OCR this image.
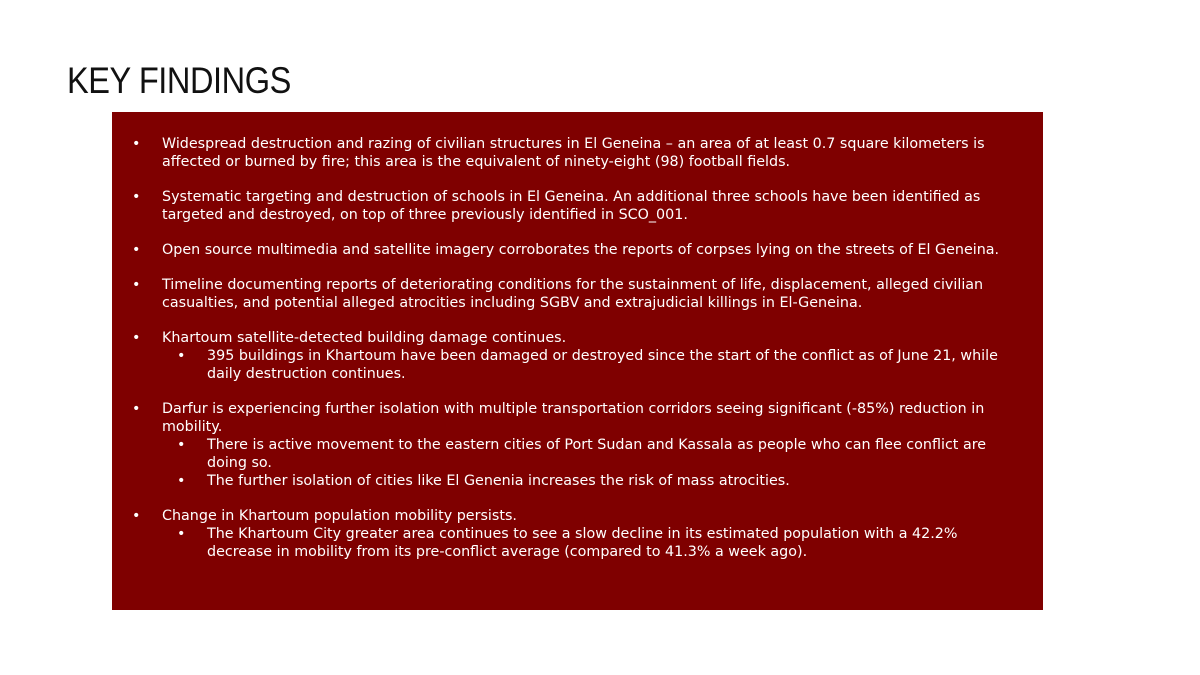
KEY FINDINGS
•	Widespread destruction and razing of civilian structures in El Geneina – an area of at least 0.7 square kilometers is affected or burned by fire; this area is the equivalent of ninety-eight (98) football fields.
•	Systematic targeting and destruction of schools in El Geneina. An additional three schools have been identified as targeted and destroyed, on top of three previously identified in SCO_001.
•	Open source multimedia and satellite imagery corroborates the reports of corpses lying on the streets of El Geneina.
•	Timeline documenting reports of deteriorating conditions for the sustainment of life, displacement, alleged civilian casualties, and potential alleged atrocities including SGBV and extrajudicial killings in El-Geneina.
•	Khartoum satellite-detected building damage continues.
• 395 buildings in Khartoum have been damaged or destroyed since the start of the conflict as of June 21, while daily destruction continues.
•	Darfur is experiencing further isolation with multiple transportation corridors seeing significant (-85%) reduction in mobility.
• There is active movement to the eastern cities of Port Sudan and Kassala as people who can flee conflict are doing so.
• The further isolation of cities like El Genenia increases the risk of mass atrocities.
•	Change in Khartoum population mobility persists.
• The Khartoum City greater area continues to see a slow decline in its estimated population with a 42.2% decrease in mobility from its pre-conflict average (compared to 41.3% a week ago).
